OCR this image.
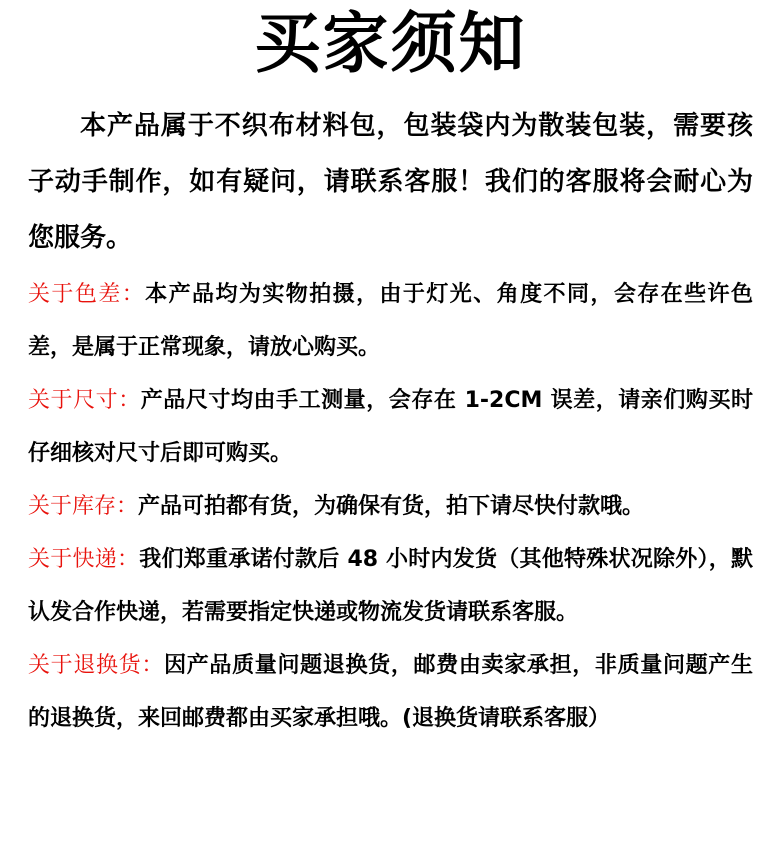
买家须知
本产品属于不织布材料包，包装袋内为散装包装，需要孩子动手制作，如有疑问，请联系客服！我们的客服将会耐心为您服务。
关于色差：本产品均为实物拍摄，由于灯光、角度不同，会存在些许色差，是属于正常现象，请放心购买。
关于尺寸：产品尺寸均由手工测量，会存在 1-2CM 误差，请亲们购买时仔细核对尺寸后即可购买。
关于库存：产品可拍都有货，为确保有货，拍下请尽快付款哦。
关于快递：我们郑重承诺付款后 48 小时内发货（其他特殊状况除外），默认发合作快递，若需要指定快递或物流发货请联系客服。
关于退换货：因产品质量问题退换货，邮费由卖家承担，非质量问题产生的退换货，来回邮费都由买家承担哦。(退换货请联系客服）
